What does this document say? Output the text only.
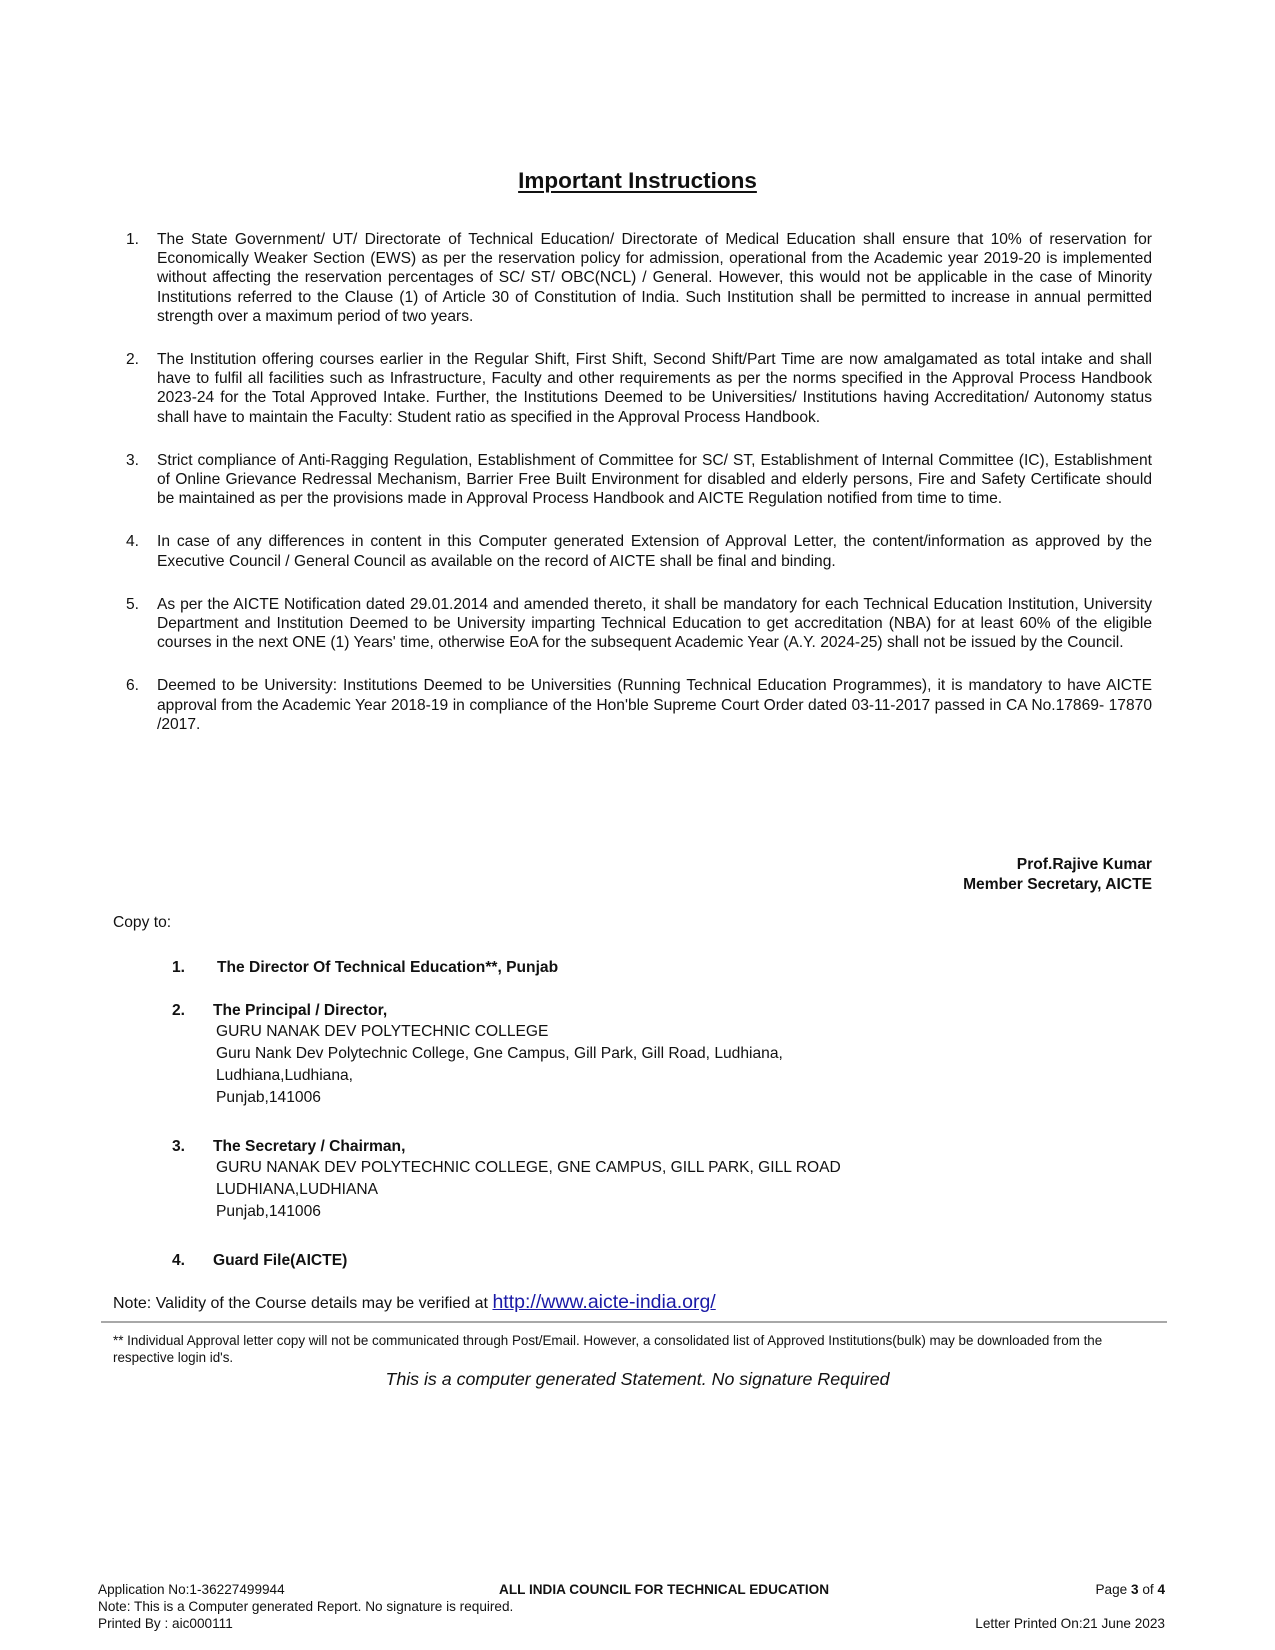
Important Instructions
1.	The State Government/ UT/ Directorate of Technical Education/ Directorate of Medical Education shall ensure that 10% of reservation for Economically Weaker Section (EWS) as per the reservation policy for admission, operational from the Academic year 2019-20 is implemented without affecting the reservation percentages of SC/ ST/ OBC(NCL) / General. However, this would not be applicable in the case of Minority Institutions referred to the Clause (1) of Article 30 of Constitution of India. Such Institution shall be permitted to increase in annual permitted strength over a maximum period of two years.
2.	The Institution offering courses earlier in the Regular Shift, First Shift, Second Shift/Part Time are now amalgamated as total intake and shall have to fulfil all facilities such as Infrastructure, Faculty and other requirements as per the norms specified in the Approval Process Handbook 2023-24 for the Total Approved Intake. Further, the Institutions Deemed to be Universities/ Institutions having Accreditation/ Autonomy status shall have to maintain the Faculty: Student ratio as specified in the Approval Process Handbook.
3.	Strict compliance of Anti-Ragging Regulation, Establishment of Committee for SC/ ST, Establishment of Internal Committee (IC), Establishment of Online Grievance Redressal Mechanism, Barrier Free Built Environment for disabled and elderly persons, Fire and Safety Certificate should be maintained as per the provisions made in Approval Process Handbook and AICTE Regulation notified from time to time.
4.	In case of any differences in content in this Computer generated Extension of Approval Letter, the content/information as approved by the Executive Council / General Council as available on the record of AICTE shall be final and binding.
5.	As per the AICTE Notification dated 29.01.2014 and amended thereto, it shall be mandatory for each Technical Education Institution, University Department and Institution Deemed to be University imparting Technical Education to get accreditation (NBA) for at least 60% of the eligible courses in the next ONE (1) Years' time, otherwise EoA for the subsequent Academic Year (A.Y. 2024-25) shall not be issued by the Council.
6.	Deemed to be University: Institutions Deemed to be Universities (Running Technical Education Programmes), it is mandatory to have AICTE approval from the Academic Year 2018-19 in compliance of the Hon'ble Supreme Court Order dated 03-11-2017 passed in CA No.17869- 17870 /2017.
Prof.Rajive Kumar
Member Secretary, AICTE
Copy to:
1. The Director Of Technical Education**, Punjab
2. The Principal / Director,
GURU NANAK DEV POLYTECHNIC COLLEGE
Guru Nank Dev Polytechnic College, Gne Campus, Gill Park, Gill Road, Ludhiana,
Ludhiana,Ludhiana,
Punjab,141006
3. The Secretary / Chairman,
GURU NANAK DEV POLYTECHNIC COLLEGE, GNE CAMPUS, GILL PARK, GILL ROAD
LUDHIANA,LUDHIANA
Punjab,141006
4. Guard File(AICTE)
Note: Validity of the Course details may be verified at http://www.aicte-india.org/
** Individual Approval letter copy will not be communicated through Post/Email. However, a consolidated list of Approved Institutions(bulk) may be downloaded from the respective login id's.
This is a computer generated Statement. No signature Required
Application No:1-36227499944	ALL INDIA COUNCIL FOR TECHNICAL EDUCATION	Page 3 of 4
Note: This is a Computer generated Report. No signature is required.
Printed By : aic000111	Letter Printed On:21 June 2023
